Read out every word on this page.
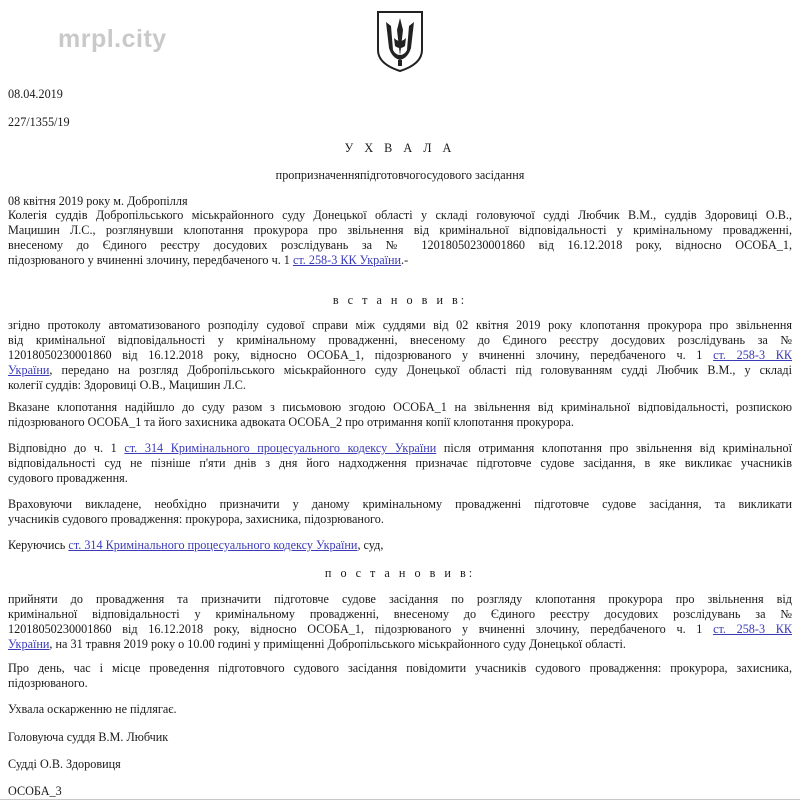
mrpl.city
08.04.2019
227/1355/19
У Х В А Л А
пропризначенняпідготовчогосудового засідання
08 квітня 2019 року м. Добропілля
Колегія суддів Добропільського міськрайонного суду Донецької області у складі головуючої судді Любчик В.М., суддів Здоровиці О.В.,
Мацишин Л.С., розглянувши клопотання прокурора про звільнення від кримінальної відповідальності у кримінальному провадженні,
внесеному до Єдиного реєстру досудових розслідувань за № 12018050230001860 від 16.12.2018 року, відносно ОСОБА_1,
підозрюваного у вчиненні злочину, передбаченого ч. 1 ст. 258-3 КК України.-
в с т а н о в и в:
згідно протоколу автоматизованого розподілу судової справи між суддями від 02 квітня 2019 року клопотання прокурора про звільнення
від кримінальної відповідальності у кримінальному провадженні, внесеному до Єдиного реєстру досудових розслідувань за №
12018050230001860 від 16.12.2018 року, відносно ОСОБА_1, підозрюваного у вчиненні злочину, передбаченого ч. 1 ст. 258-3 КК
України, передано на розгляд Добропільського міськрайонного суду Донецької області під головуванням судді Любчик В.М., у складі
колегії суддів: Здоровиці О.В., Мацишин Л.С.
Вказане клопотання надійшло до суду разом з письмовою згодою ОСОБА_1 на звільнення від кримінальної відповідальності, розпискою
підозрюваного ОСОБА_1 та його захисника адвоката ОСОБА_2 про отримання копії клопотання прокурора.
Відповідно до ч. 1 ст. 314 Кримінального процесуального кодексу України після отримання клопотання про звільнення від кримінальної
відповідальності суд не пізніше п'яти днів з дня його надходження призначає підготовче судове засідання, в яке викликає учасників
судового провадження.
Враховуючи викладене, необхідно призначити у даному кримінальному провадженні підготовче судове засідання, та викликати
учасників судового провадження: прокурора, захисника, підозрюваного.
Керуючись ст. 314 Кримінального процесуального кодексу України, суд,
п о с т а н о в и в:
прийняти до провадження та призначити підготовче судове засідання по розгляду клопотання прокурора про звільнення від
кримінальної відповідальності у кримінальному провадженні, внесеному до Єдиного реєстру досудових розслідувань за №
12018050230001860 від 16.12.2018 року, відносно ОСОБА_1, підозрюваного у вчиненні злочину, передбаченого ч. 1 ст. 258-3 КК
України, на 31 травня 2019 року о 10.00 годині у приміщенні Добропільського міськрайонного суду Донецької області.
Про день, час і місце проведення підготовчого судового засідання повідомити учасників судового провадження: прокурора, захисника,
підозрюваного.
Ухвала оскарженню не підлягає.
Головуюча суддя В.М. Любчик
Судді О.В. Здоровиця
ОСОБА_3
